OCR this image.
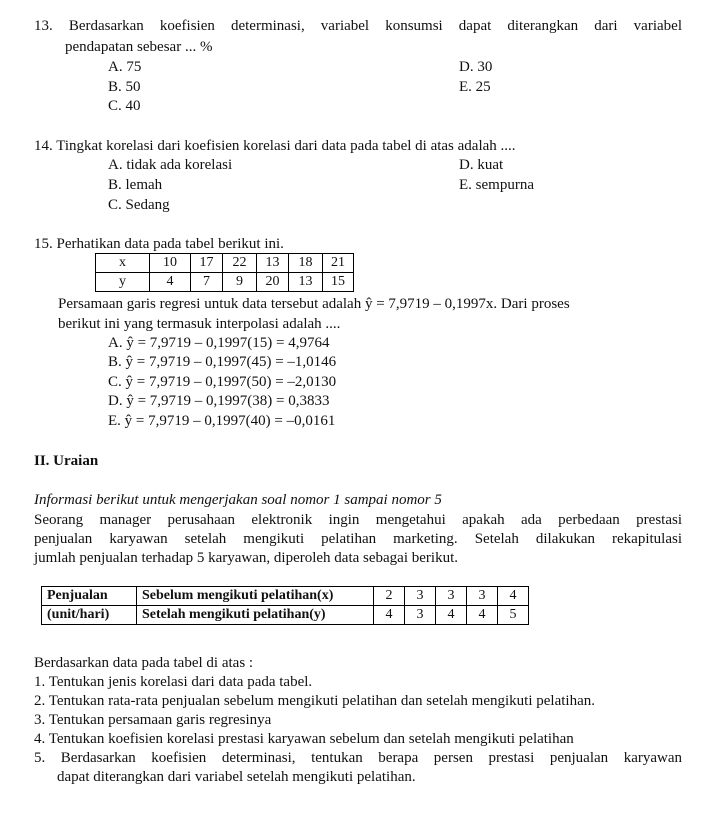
13. Berdasarkan koefisien determinasi, variabel konsumsi dapat diterangkan dari variabel
pendapatan sebesar ... %
A. 75
B. 50
C. 40
D. 30
E. 25
14. Tingkat korelasi dari koefisien korelasi dari data pada tabel di atas adalah ....
A. tidak ada korelasi
B. lemah
C. Sedang
D. kuat
E. sempurna
15. Perhatikan data pada tabel berikut ini.
x	10	17	22	13	18	21
y	4	7	9	20	13	15
Persamaan garis regresi untuk data tersebut adalah ŷ = 7,9719 – 0,1997x. Dari proses
berikut ini yang termasuk interpolasi adalah ....
A. ŷ = 7,9719 – 0,1997(15) = 4,9764
B. ŷ = 7,9719 – 0,1997(45) = –1,0146
C. ŷ = 7,9719 – 0,1997(50) = –2,0130
D. ŷ = 7,9719 – 0,1997(38) = 0,3833
E. ŷ = 7,9719 – 0,1997(40) = –0,0161
II. Uraian
Informasi berikut untuk mengerjakan soal nomor 1 sampai nomor 5
Seorang manager perusahaan elektronik ingin mengetahui apakah ada perbedaan prestasi
penjualan karyawan setelah mengikuti pelatihan marketing. Setelah dilakukan rekapitulasi
jumlah penjualan terhadap 5 karyawan, diperoleh data sebagai berikut.
Penjualan	Sebelum mengikuti pelatihan(x)	2	3	3	3	4
(unit/hari)	Setelah mengikuti pelatihan(y)	4	3	4	4	5
Berdasarkan data pada tabel di atas :
1. Tentukan jenis korelasi dari data pada tabel.
2. Tentukan rata-rata penjualan sebelum mengikuti pelatihan dan setelah mengikuti pelatihan.
3. Tentukan persamaan garis regresinya
4. Tentukan koefisien korelasi prestasi karyawan sebelum dan setelah mengikuti pelatihan
5. Berdasarkan koefisien determinasi, tentukan berapa persen prestasi penjualan karyawan
dapat diterangkan dari variabel setelah mengikuti pelatihan.
